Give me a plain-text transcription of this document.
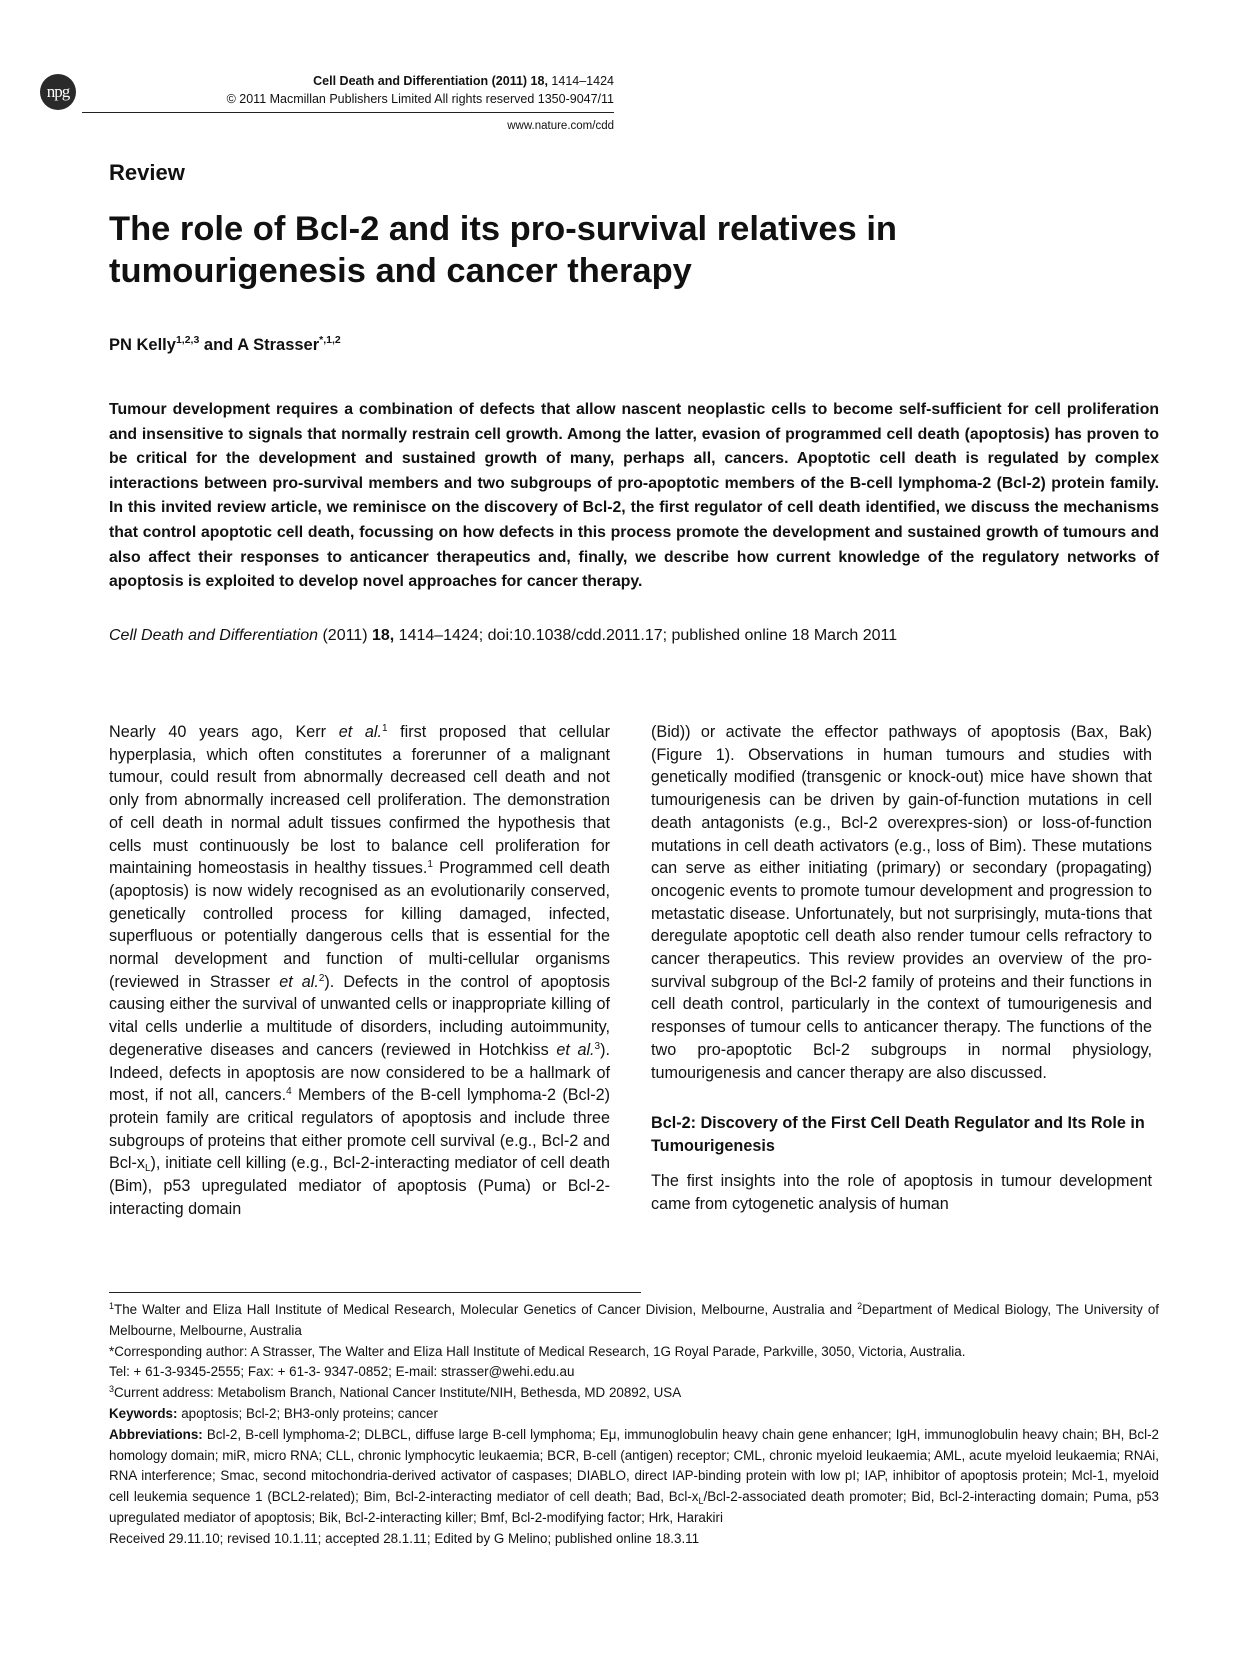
npg
Cell Death and Differentiation (2011) 18, 1414–1424
© 2011 Macmillan Publishers Limited All rights reserved 1350-9047/11
www.nature.com/cdd
Review
The role of Bcl-2 and its pro-survival relatives in tumourigenesis and cancer therapy
PN Kelly$^{1,2,3}$ and A Strasser$^{*,1,2}$
Tumour development requires a combination of defects that allow nascent neoplastic cells to become self-sufficient for cell proliferation and insensitive to signals that normally restrain cell growth. Among the latter, evasion of programmed cell death (apoptosis) has proven to be critical for the development and sustained growth of many, perhaps all, cancers. Apoptotic cell death is regulated by complex interactions between pro-survival members and two subgroups of pro-apoptotic members of the B-cell lymphoma-2 (Bcl-2) protein family. In this invited review article, we reminisce on the discovery of Bcl-2, the first regulator of cell death identified, we discuss the mechanisms that control apoptotic cell death, focussing on how defects in this process promote the development and sustained growth of tumours and also affect their responses to anticancer therapeutics and, finally, we describe how current knowledge of the regulatory networks of apoptosis is exploited to develop novel approaches for cancer therapy.
Cell Death and Differentiation (2011) 18, 1414–1424; doi:10.1038/cdd.2011.17; published online 18 March 2011

Nearly 40 years ago, Kerr et al.$^1$ first proposed that cellular hyperplasia, which often constitutes a forerunner of a malignant tumour, could result from abnormally decreased cell death and not only from abnormally increased cell proliferation. The demonstration of cell death in normal adult tissues confirmed the hypothesis that cells must continuously be lost to balance cell proliferation for maintaining homeostasis in healthy tissues.$^1$ Programmed cell death (apoptosis) is now widely recognised as an evolutionarily conserved, genetically controlled process for killing damaged, infected, superfluous or potentially dangerous cells that is essential for the normal development and function of multi-cellular organisms (reviewed in Strasser et al.$^2$). Defects in the control of apoptosis causing either the survival of unwanted cells or inappropriate killing of vital cells underlie a multitude of disorders, including autoimmunity, degenerative diseases and cancers (reviewed in Hotchkiss et al.$^3$). Indeed, defects in apoptosis are now considered to be a hallmark of most, if not all, cancers.$^4$ Members of the B-cell lymphoma-2 (Bcl-2) protein family are critical regulators of apoptosis and include three subgroups of proteins that either promote cell survival (e.g., Bcl-2 and Bcl-$x_L$), initiate cell killing (e.g., Bcl-2-interacting mediator of cell death (Bim), p53 upregulated mediator of apoptosis (Puma) or Bcl-2-interacting domain

(Bid)) or activate the effector pathways of apoptosis (Bax, Bak) (Figure 1). Observations in human tumours and studies with genetically modified (transgenic or knock-out) mice have shown that tumourigenesis can be driven by gain-of-function mutations in cell death antagonists (e.g., Bcl-2 overexpres-sion) or loss-of-function mutations in cell death activators (e.g., loss of Bim). These mutations can serve as either initiating (primary) or secondary (propagating) oncogenic events to promote tumour development and progression to metastatic disease. Unfortunately, but not surprisingly, muta-tions that deregulate apoptotic cell death also render tumour cells refractory to cancer therapeutics. This review provides an overview of the pro-survival subgroup of the Bcl-2 family of proteins and their functions in cell death control, particularly in the context of tumourigenesis and responses of tumour cells to anticancer therapy. The functions of the two pro-apoptotic Bcl-2 subgroups in normal physiology, tumourigenesis and cancer therapy are also discussed.

Bcl-2: Discovery of the First Cell Death Regulator and Its Role in Tumourigenesis

The first insights into the role of apoptosis in tumour development came from cytogenetic analysis of human

$^1$The Walter and Eliza Hall Institute of Medical Research, Molecular Genetics of Cancer Division, Melbourne, Australia and $^2$Department of Medical Biology, The University of Melbourne, Melbourne, Australia

*Corresponding author: A Strasser, The Walter and Eliza Hall Institute of Medical Research, 1G Royal Parade, Parkville, 3050, Victoria, Australia.

Tel: + 61-3-9345-2555; Fax: + 61-3- 9347-0852; E-mail: strasser@wehi.edu.au

$^3$Current address: Metabolism Branch, National Cancer Institute/NIH, Bethesda, MD 20892, USA

Keywords: apoptosis; Bcl-2; BH3-only proteins; cancer

Abbreviations: Bcl-2, B-cell lymphoma-2; DLBCL, diffuse large B-cell lymphoma; Eμ, immunoglobulin heavy chain gene enhancer; IgH, immunoglobulin heavy chain; BH, Bcl-2 homology domain; miR, micro RNA; CLL, chronic lymphocytic leukaemia; BCR, B-cell (antigen) receptor; CML, chronic myeloid leukaemia; AML, acute myeloid leukaemia; RNAi, RNA interference; Smac, second mitochondria-derived activator of caspases; DIABLO, direct IAP-binding protein with low pI; IAP, inhibitor of apoptosis protein; Mcl-1, myeloid cell leukemia sequence 1 (BCL2-related); Bim, Bcl-2-interacting mediator of cell death; Bad, Bcl-$x_L/Bcl-2$-associated death promoter; Bid, Bcl-2-interacting domain; Puma, p53 upregulated mediator of apoptosis; Bik, Bcl-2-interacting killer; Bmf, Bcl-2-modifying factor; Hrk, Harakiri

Received 29.11.10; revised 10.1.11; accepted 28.1.11; Edited by G Melino; published online 18.3.11
